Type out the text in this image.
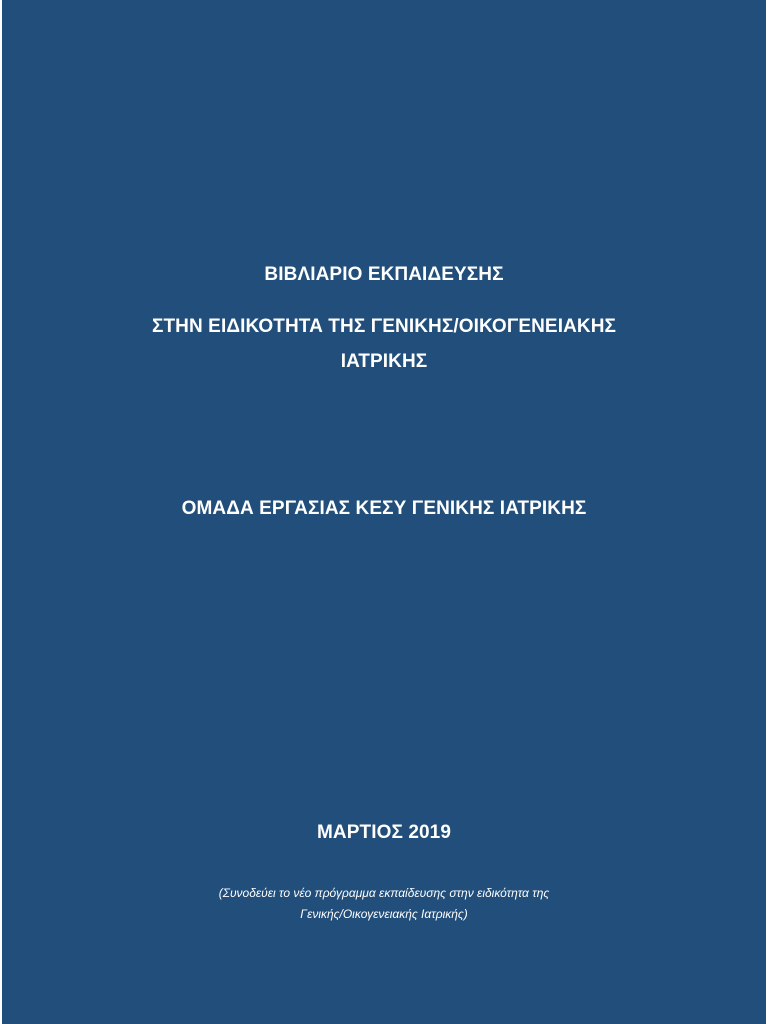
ΒΙΒΛΙΑΡΙΟ ΕΚΠΑΙΔΕΥΣΗΣ
ΣΤΗΝ ΕΙΔΙΚΟΤΗΤΑ ΤΗΣ ΓΕΝΙΚΗΣ/ΟΙΚΟΓΕΝΕΙΑΚΗΣ
ΙΑΤΡΙΚΗΣ
ΟΜΑΔΑ ΕΡΓΑΣΙΑΣ ΚΕΣΥ ΓΕΝΙΚΗΣ ΙΑΤΡΙΚΗΣ
ΜΑΡΤΙΟΣ 2019
(Συνοδεύει το νέο πρόγραμμα εκπαίδευσης στην ειδικότητα της
Γενικής/Οικογενειακής Ιατρικής)
